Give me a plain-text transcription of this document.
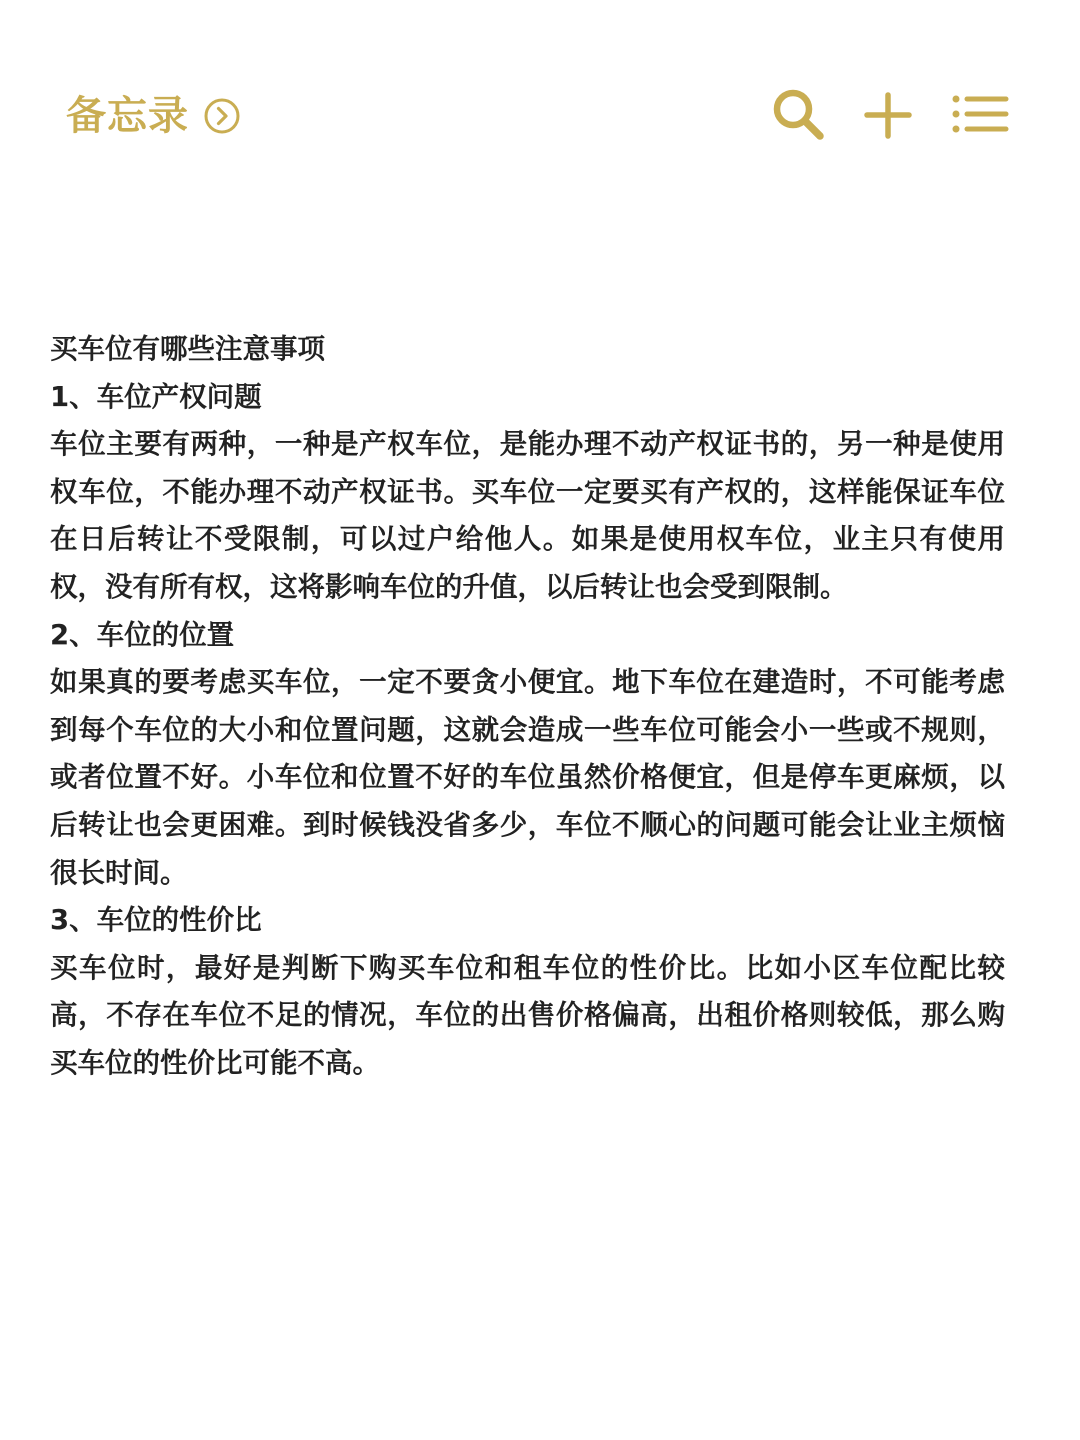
备忘录

买车位有哪些注意事项

1、车位产权问题

车位主要有两种，一种是产权车位，是能办理不动产权证书的，另一种是使用权车位，不能办理不动产权证书。买车位一定要买有产权的，这样能保证车位在日后转让不受限制，可以过户给他人。如果是使用权车位，业主只有使用权，没有所有权，这将影响车位的升值，以后转让也会受到限制。

2、车位的位置

如果真的要考虑买车位，一定不要贪小便宜。地下车位在建造时，不可能考虑到每个车位的大小和位置问题，这就会造成一些车位可能会小一些或不规则，或者位置不好。小车位和位置不好的车位虽然价格便宜，但是停车更麻烦，以后转让也会更困难。到时候钱没省多少，车位不顺心的问题可能会让业主烦恼很长时间。

3、车位的性价比

买车位时，最好是判断下购买车位和租车位的性价比。比如小区车位配比较高，不存在车位不足的情况，车位的出售价格偏高，出租价格则较低，那么购买车位的性价比可能不高。
